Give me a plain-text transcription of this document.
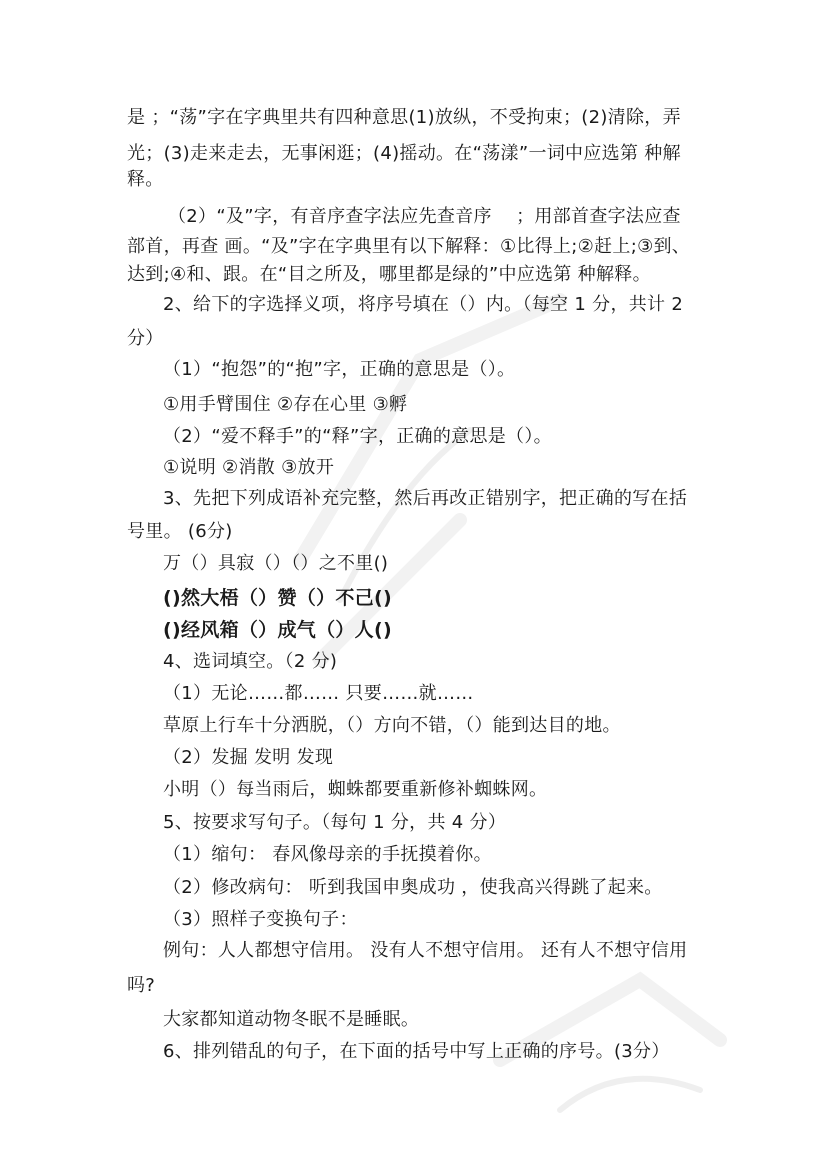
是 ；“荡”字在字典里共有四种意思(1)放纵，不受拘束；(2)清除，弄
光；(3)走来走去，无事闲逛；(4)摇动。在“荡漾”一词中应选第 种解
释。
（2）“及”字，有音序查字法应先查音序　 ；用部首查字法应查
部首，再查 画。“及”字在字典里有以下解释：①比得上;②赶上;③到、
达到;④和、跟。在“目之所及，哪里都是绿的”中应选第 种解释。
2、给下的字选择义项，将序号填在（）内。（每空 1 分，共计 2
分）
（1）“抱怨”的“抱”字，正确的意思是（）。
①用手臂围住 ②存在心里 ③孵
（2）“爱不释手”的“释”字，正确的意思是（）。
①说明 ②消散 ③放开
3、先把下列成语补充完整，然后再改正错别字，把正确的写在括
号里。 (6分)
万（）具寂（）（）之不里()
()然大梧（）赞（）不己()
()经风箱（）成气（）人()
4、选词填空。（2 分)
（1）无论……都…… 只要……就……
草原上行车十分洒脱，（）方向不错，（）能到达目的地。
（2）发掘 发明 发现
小明（）每当雨后，蜘蛛都要重新修补蜘蛛网。
5、按要求写句子。（每句 1 分，共 4 分）
（1）缩句： 春风像母亲的手抚摸着你。
（2）修改病句： 听到我国申奥成功 ，使我高兴得跳了起来。
（3）照样子变换句子：
例句：人人都想守信用。 没有人不想守信用。 还有人不想守信用
吗?
大家都知道动物冬眠不是睡眠。
6、排列错乱的句子，在下面的括号中写上正确的序号。(3分）
